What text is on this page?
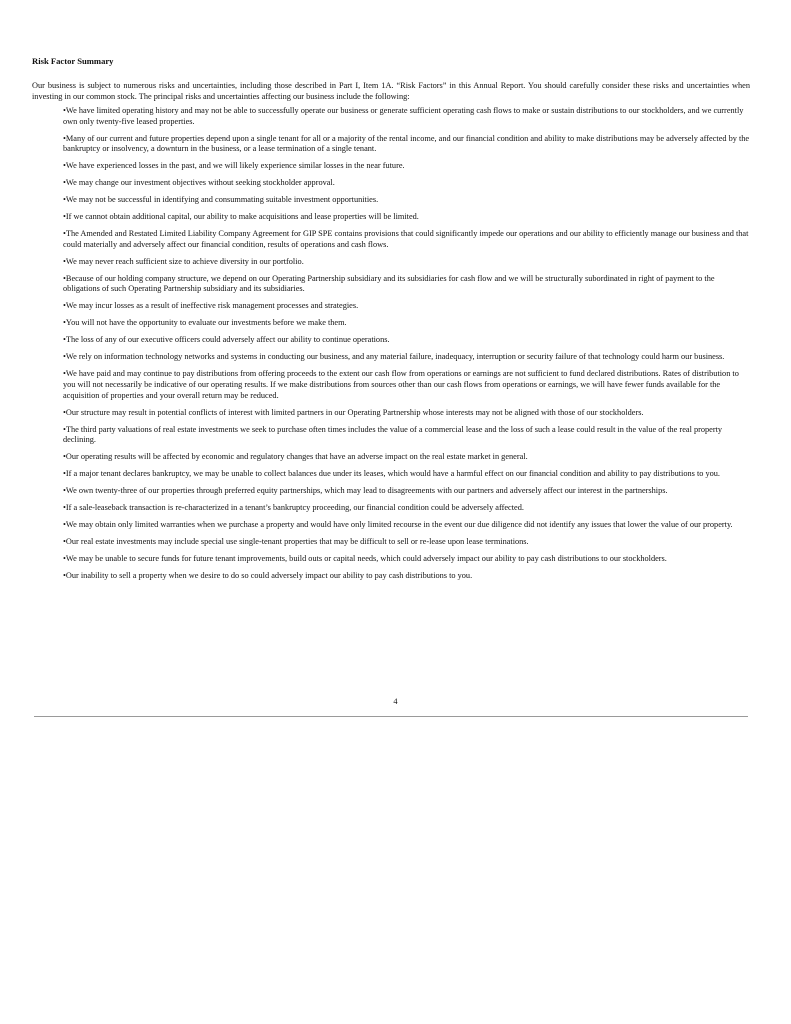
Risk Factor Summary
Our business is subject to numerous risks and uncertainties, including those described in Part I, Item 1A. “Risk Factors” in this Annual Report. You should carefully consider these risks and uncertainties when investing in our common stock. The principal risks and uncertainties affecting our business include the following:
•We have limited operating history and may not be able to successfully operate our business or generate sufficient operating cash flows to make or sustain distributions to our stockholders, and we currently own only twenty-five leased properties.
•Many of our current and future properties depend upon a single tenant for all or a majority of the rental income, and our financial condition and ability to make distributions may be adversely affected by the bankruptcy or insolvency, a downturn in the business, or a lease termination of a single tenant.
•We have experienced losses in the past, and we will likely experience similar losses in the near future.
•We may change our investment objectives without seeking stockholder approval.
•We may not be successful in identifying and consummating suitable investment opportunities.
•If we cannot obtain additional capital, our ability to make acquisitions and lease properties will be limited.
•The Amended and Restated Limited Liability Company Agreement for GIP SPE contains provisions that could significantly impede our operations and our ability to efficiently manage our business and that could materially and adversely affect our financial condition, results of operations and cash flows.
•We may never reach sufficient size to achieve diversity in our portfolio.
•Because of our holding company structure, we depend on our Operating Partnership subsidiary and its subsidiaries for cash flow and we will be structurally subordinated in right of payment to the obligations of such Operating Partnership subsidiary and its subsidiaries.
•We may incur losses as a result of ineffective risk management processes and strategies.
•You will not have the opportunity to evaluate our investments before we make them.
•The loss of any of our executive officers could adversely affect our ability to continue operations.
•We rely on information technology networks and systems in conducting our business, and any material failure, inadequacy, interruption or security failure of that technology could harm our business.
•We have paid and may continue to pay distributions from offering proceeds to the extent our cash flow from operations or earnings are not sufficient to fund declared distributions. Rates of distribution to you will not necessarily be indicative of our operating results. If we make distributions from sources other than our cash flows from operations or earnings, we will have fewer funds available for the acquisition of properties and your overall return may be reduced.
•Our structure may result in potential conflicts of interest with limited partners in our Operating Partnership whose interests may not be aligned with those of our stockholders.
•The third party valuations of real estate investments we seek to purchase often times includes the value of a commercial lease and the loss of such a lease could result in the value of the real property declining.
•Our operating results will be affected by economic and regulatory changes that have an adverse impact on the real estate market in general.
•If a major tenant declares bankruptcy, we may be unable to collect balances due under its leases, which would have a harmful effect on our financial condition and ability to pay distributions to you.
•We own twenty-three of our properties through preferred equity partnerships, which may lead to disagreements with our partners and adversely affect our interest in the partnerships.
•If a sale-leaseback transaction is re-characterized in a tenant’s bankruptcy proceeding, our financial condition could be adversely affected.
•We may obtain only limited warranties when we purchase a property and would have only limited recourse in the event our due diligence did not identify any issues that lower the value of our property.
•Our real estate investments may include special use single-tenant properties that may be difficult to sell or re-lease upon lease terminations.
•We may be unable to secure funds for future tenant improvements, build outs or capital needs, which could adversely impact our ability to pay cash distributions to our stockholders.
•Our inability to sell a property when we desire to do so could adversely impact our ability to pay cash distributions to you.
4
